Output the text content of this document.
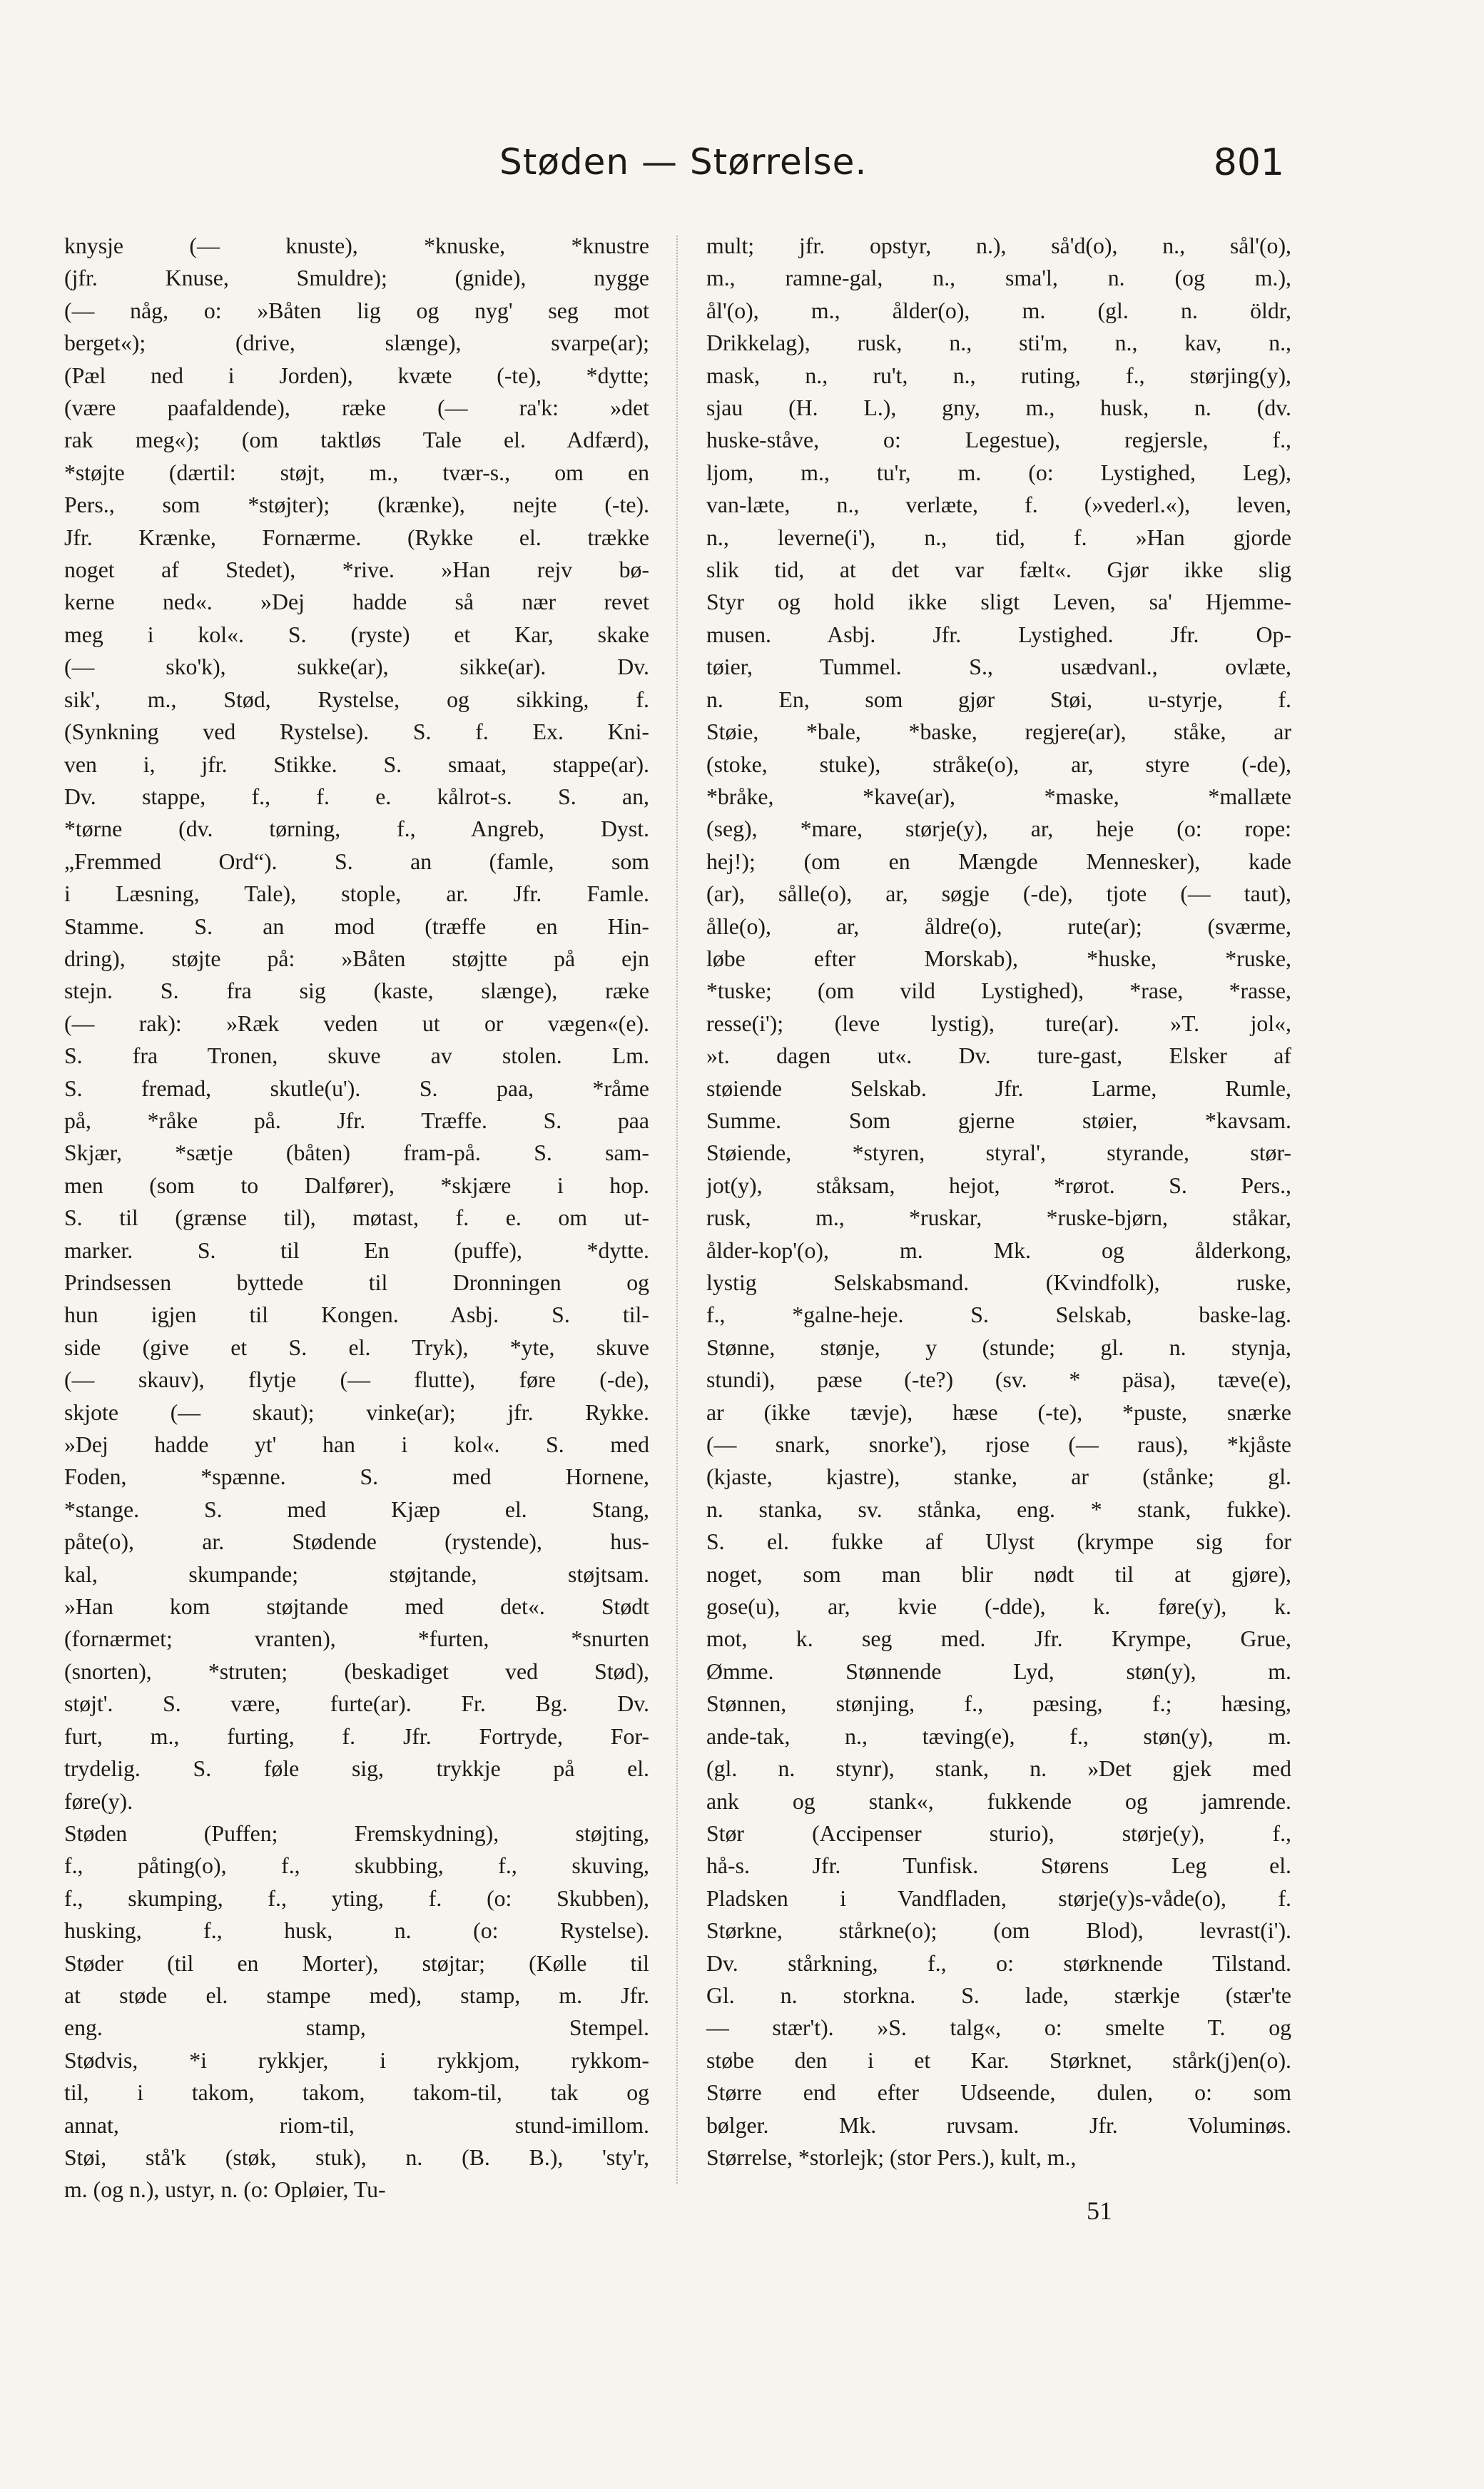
Støden — Størrelse.	801
knysje (— knuste), *knuske, *knustre
(jfr. Knuse, Smuldre); (gnide), nygge
(— någ, o: »Båten lig og nyg' seg mot
berget«); (drive, slænge), svarpe(ar);
(Pæl ned i Jorden), kvæte (-te), *dytte;
(være paafaldende), ræke (— ra'k: »det
rak meg«); (om taktløs Tale el. Adfærd),
*støjte (dærtil: støjt, m., tvær-s., om en
Pers., som *støjter); (krænke), nejte (-te).
Jfr. Krænke, Fornærme. (Rykke el. trække
noget af Stedet), *rive. »Han rejv bø-
kerne ned«. »Dej hadde så nær revet
meg i kol«. S. (ryste) et Kar, skake
(— sko'k), sukke(ar), sikke(ar). Dv.
sik', m., Stød, Rystelse, og sikking, f.
(Synkning ved Rystelse). S. f. Ex. Kni-
ven i, jfr. Stikke. S. smaat, stappe(ar).
Dv. stappe, f., f. e. kålrot-s. S. an,
*tørne (dv. tørning, f., Angreb, Dyst.
„Fremmed Ord“). S. an (famle, som
i Læsning, Tale), stople, ar. Jfr. Famle.
Stamme. S. an mod (træffe en Hin-
dring), støjte på: »Båten støjtte på ejn
stejn. S. fra sig (kaste, slænge), ræke
(— rak): »Ræk veden ut or vægen«(e).
S. fra Tronen, skuve av stolen. Lm.
S. fremad, skutle(u'). S. paa, *råme
på, *råke på. Jfr. Træffe. S. paa
Skjær, *sætje (båten) fram-på. S. sam-
men (som to Dalfører), *skjære i hop.
S. til (grænse til), møtast, f. e. om ut-
marker. S. til En (puffe), *dytte.
Prindsessen byttede til Dronningen og
hun igjen til Kongen. Asbj. S. til-
side (give et S. el. Tryk), *yte, skuve
(— skauv), flytje (— flutte), føre (-de),
skjote (— skaut); vinke(ar); jfr. Rykke.
»Dej hadde yt' han i kol«. S. med
Foden, *spænne. S. med Hornene,
*stange. S. med Kjæp el. Stang,
påte(o), ar. Stødende (rystende), hus-
kal, skumpande; støjtande, støjtsam.
»Han kom støjtande med det«. Stødt
(fornærmet; vranten), *furten, *snurten
(snorten), *struten; (beskadiget ved Stød),
støjt'. S. være, furte(ar). Fr. Bg. Dv.
furt, m., furting, f. Jfr. Fortryde, For-
trydelig. S. føle sig, trykkje på el.
føre(y).
Støden (Puffen; Fremskydning), støjting,
f., påting(o), f., skubbing, f., skuving,
f., skumping, f., yting, f. (o: Skubben),
husking, f., husk, n. (o: Rystelse).
Støder (til en Morter), støjtar; (Kølle til
at støde el. stampe med), stamp, m. Jfr.
eng. stamp, Stempel.
Stødvis, *i rykkjer, i rykkjom, rykkom-
til, i takom, takom, takom-til, tak og
annat, riom-til, stund-imillom.
Støi, stå'k (støk, stuk), n. (B. B.), 'sty'r,
m. (og n.), ustyr, n. (o: Opløier, Tu-
mult; jfr. opstyr, n.), så'd(o), n., sål'(o),
m., ramne-gal, n., sma'l, n. (og m.),
ål'(o), m., ålder(o), m. (gl. n. öldr,
Drikkelag), rusk, n., sti'm, n., kav, n.,
mask, n., ru't, n., ruting, f., størjing(y),
sjau (H. L.), gny, m., husk, n. (dv.
huske-ståve, o: Legestue), regjersle, f.,
ljom, m., tu'r, m. (o: Lystighed, Leg),
van-læte, n., verlæte, f. (»vederl.«), leven,
n., leverne(i'), n., tid, f. »Han gjorde
slik tid, at det var fælt«. Gjør ikke slig
Styr og hold ikke sligt Leven, sa' Hjemme-
musen. Asbj. Jfr. Lystighed. Jfr. Op-
tøier, Tummel. S., usædvanl., ovlæte,
n. En, som gjør Støi, u-styrje, f.
Støie, *bale, *baske, regjere(ar), ståke, ar
(stoke, stuke), stråke(o), ar, styre (-de),
*bråke, *kave(ar), *maske, *mallæte
(seg), *mare, størje(y), ar, heje (o: rope:
hej!); (om en Mængde Mennesker), kade
(ar), sålle(o), ar, søgje (-de), tjote (— taut),
ålle(o), ar, åldre(o), rute(ar); (sværme,
løbe efter Morskab), *huske, *ruske,
*tuske; (om vild Lystighed), *rase, *rasse,
resse(i'); (leve lystig), ture(ar). »T. jol«,
»t. dagen ut«. Dv. ture-gast, Elsker af
støiende Selskab. Jfr. Larme, Rumle,
Summe. Som gjerne støier, *kavsam.
Støiende, *styren, styral', styrande, stør-
jot(y), ståksam, hejot, *rørot. S. Pers.,
rusk, m., *ruskar, *ruske-bjørn, ståkar,
ålder-kop'(o), m. Mk. og ålderkong,
lystig Selskabsmand. (Kvindfolk), ruske,
f., *galne-heje. S. Selskab, baske-lag.
Stønne, stønje, y (stunde; gl. n. stynja,
stundi), pæse (-te?) (sv. * päsa), tæve(e),
ar (ikke tævje), hæse (-te), *puste, snærke
(— snark, snorke'), rjose (— raus), *kjåste
(kjaste, kjastre), stanke, ar (stånke; gl.
n. stanka, sv. stånka, eng. * stank, fukke).
S. el. fukke af Ulyst (krympe sig for
noget, som man blir nødt til at gjøre),
gose(u), ar, kvie (-dde), k. føre(y), k.
mot, k. seg med. Jfr. Krympe, Grue,
Ømme. Stønnende Lyd, støn(y), m.
Stønnen, stønjing, f., pæsing, f.; hæsing,
ande-tak, n., tæving(e), f., støn(y), m.
(gl. n. stynr), stank, n. »Det gjek med
ank og stank«, fukkende og jamrende.
Stør (Accipenser sturio), størje(y), f.,
hå-s. Jfr. Tunfisk. Størens Leg el.
Pladsken i Vandfladen, størje(y)s-våde(o), f.
Størkne, stårkne(o); (om Blod), levrast(i').
Dv. stårkning, f., o: størknende Tilstand.
Gl. n. storkna. S. lade, stærkje (stær'te
— stær't). »S. talg«, o: smelte T. og
støbe den i et Kar. Størknet, stårk(j)en(o).
Større end efter Udseende, dulen, o: som
bølger. Mk. ruvsam. Jfr. Voluminøs.
Størrelse, *storlejk; (stor Pers.), kult, m.,
51
